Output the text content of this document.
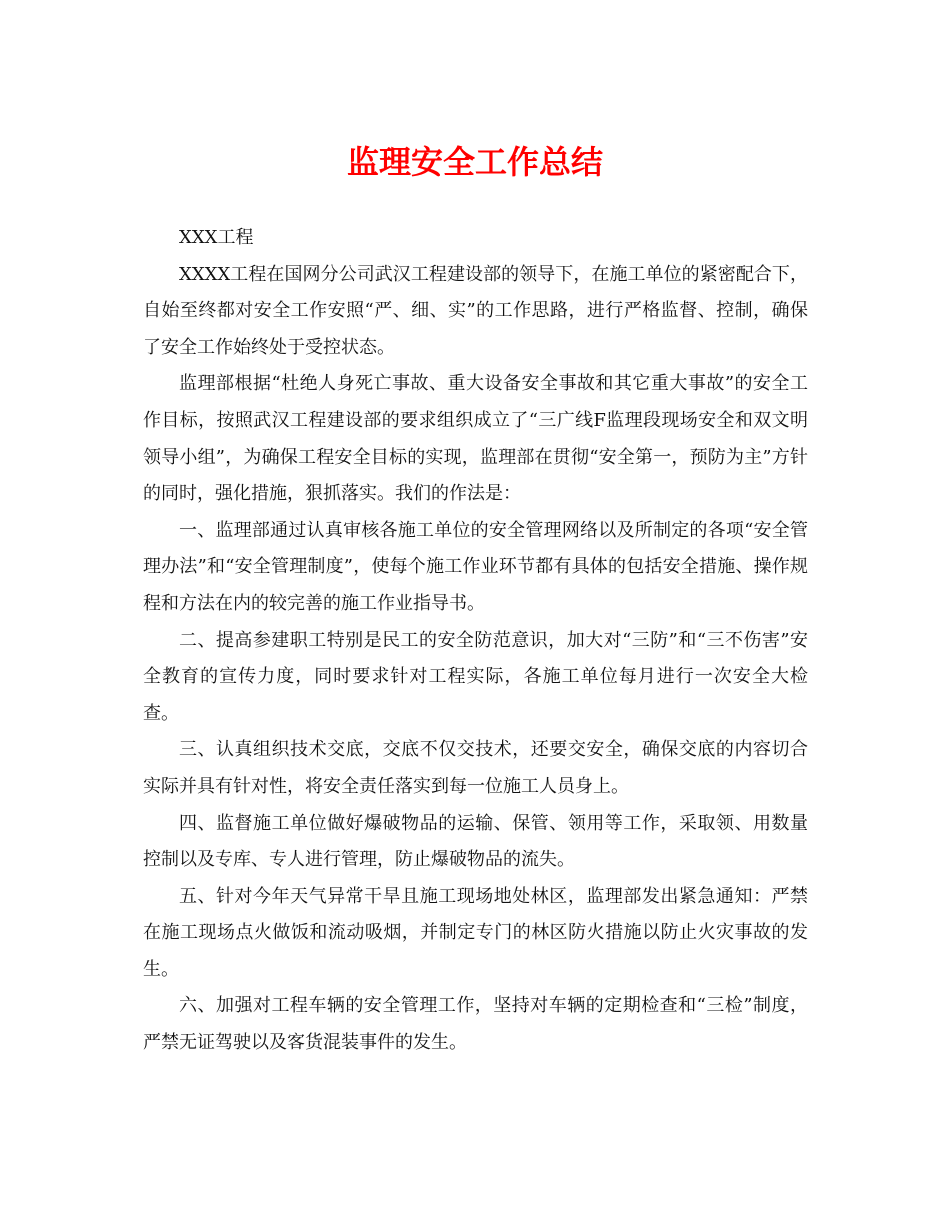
监理安全工作总结

XXX工程

XXXX工程在国网分公司武汉工程建设部的领导下，在施工单位的紧密配合下，自始至终都对安全工作安照“严、细、实”的工作思路，进行严格监督、控制，确保了安全工作始终处于受控状态。

监理部根据“杜绝人身死亡事故、重大设备安全事故和其它重大事故”的安全工作目标，按照武汉工程建设部的要求组织成立了“三广线F监理段现场安全和双文明领导小组”，为确保工程安全目标的实现，监理部在贯彻“安全第一，预防为主”方针的同时，强化措施，狠抓落实。我们的作法是：

一、监理部通过认真审核各施工单位的安全管理网络以及所制定的各项“安全管理办法”和“安全管理制度”，使每个施工作业环节都有具体的包括安全措施、操作规程和方法在内的较完善的施工作业指导书。

二、提高参建职工特别是民工的安全防范意识，加大对“三防”和“三不伤害”安全教育的宣传力度，同时要求针对工程实际，各施工单位每月进行一次安全大检查。

三、认真组织技术交底，交底不仅交技术，还要交安全，确保交底的内容切合实际并具有针对性，将安全责任落实到每一位施工人员身上。

四、监督施工单位做好爆破物品的运输、保管、领用等工作，采取领、用数量控制以及专库、专人进行管理，防止爆破物品的流失。

五、针对今年天气异常干旱且施工现场地处林区，监理部发出紧急通知：严禁在施工现场点火做饭和流动吸烟，并制定专门的林区防火措施以防止火灾事故的发生。

六、加强对工程车辆的安全管理工作，坚持对车辆的定期检查和“三检”制度，严禁无证驾驶以及客货混装事件的发生。
